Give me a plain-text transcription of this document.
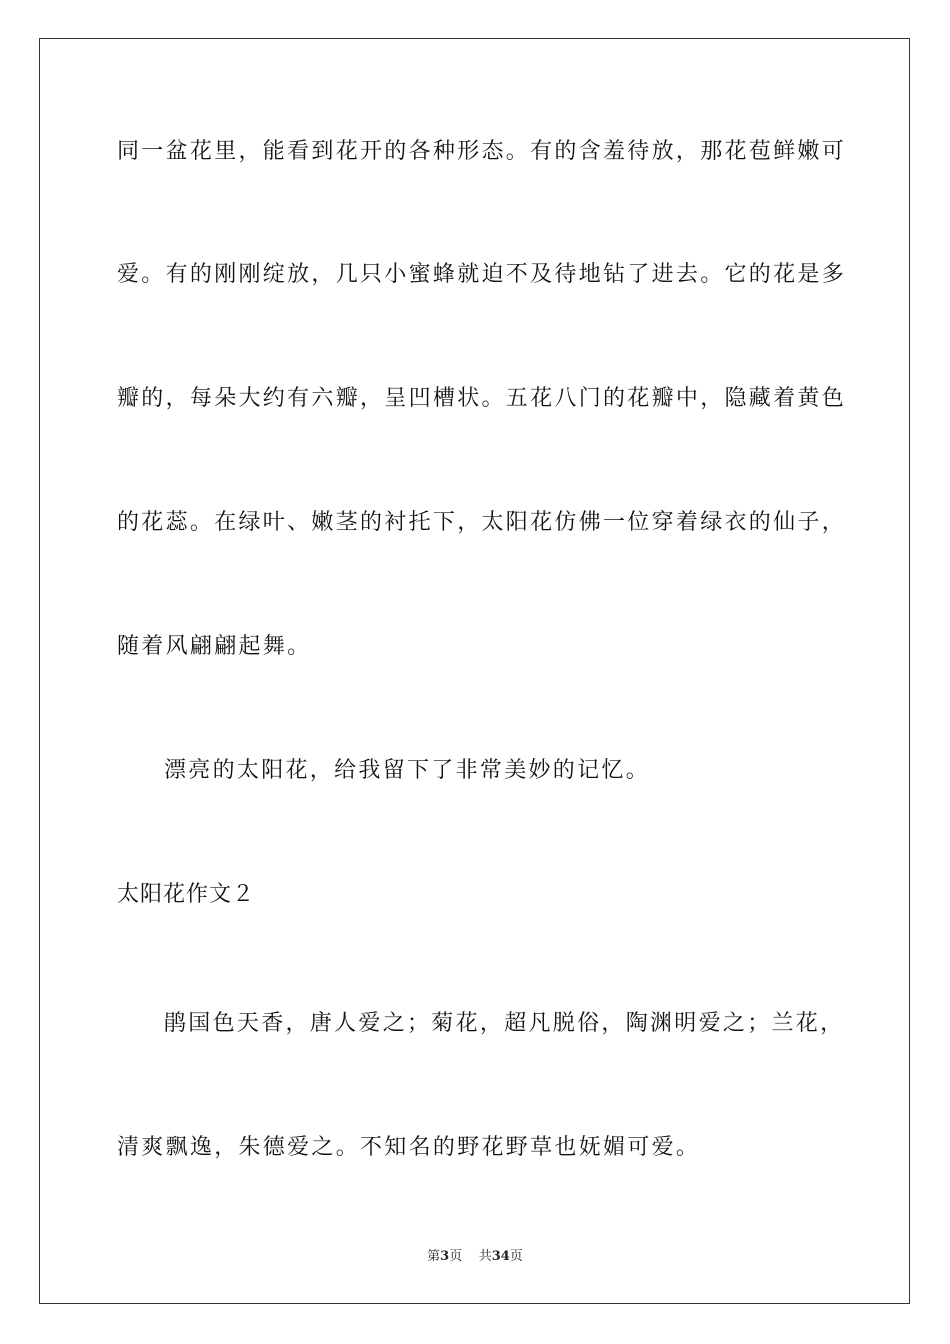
同一盆花里，能看到花开的各种形态。有的含羞待放，那花苞鲜嫩可
爱。有的刚刚绽放，几只小蜜蜂就迫不及待地钻了进去。它的花是多
瓣的，每朵大约有六瓣，呈凹槽状。五花八门的花瓣中，隐藏着黄色
的花蕊。在绿叶、嫩茎的衬托下，太阳花仿佛一位穿着绿衣的仙子，
随着风翩翩起舞。
漂亮的太阳花，给我留下了非常美妙的记忆。
太阳花作文２
鹃国色天香，唐人爱之；菊花，超凡脱俗，陶渊明爱之；兰花，
清爽飘逸，朱德爱之。不知名的野花野草也妩媚可爱。
第3页 共34页
